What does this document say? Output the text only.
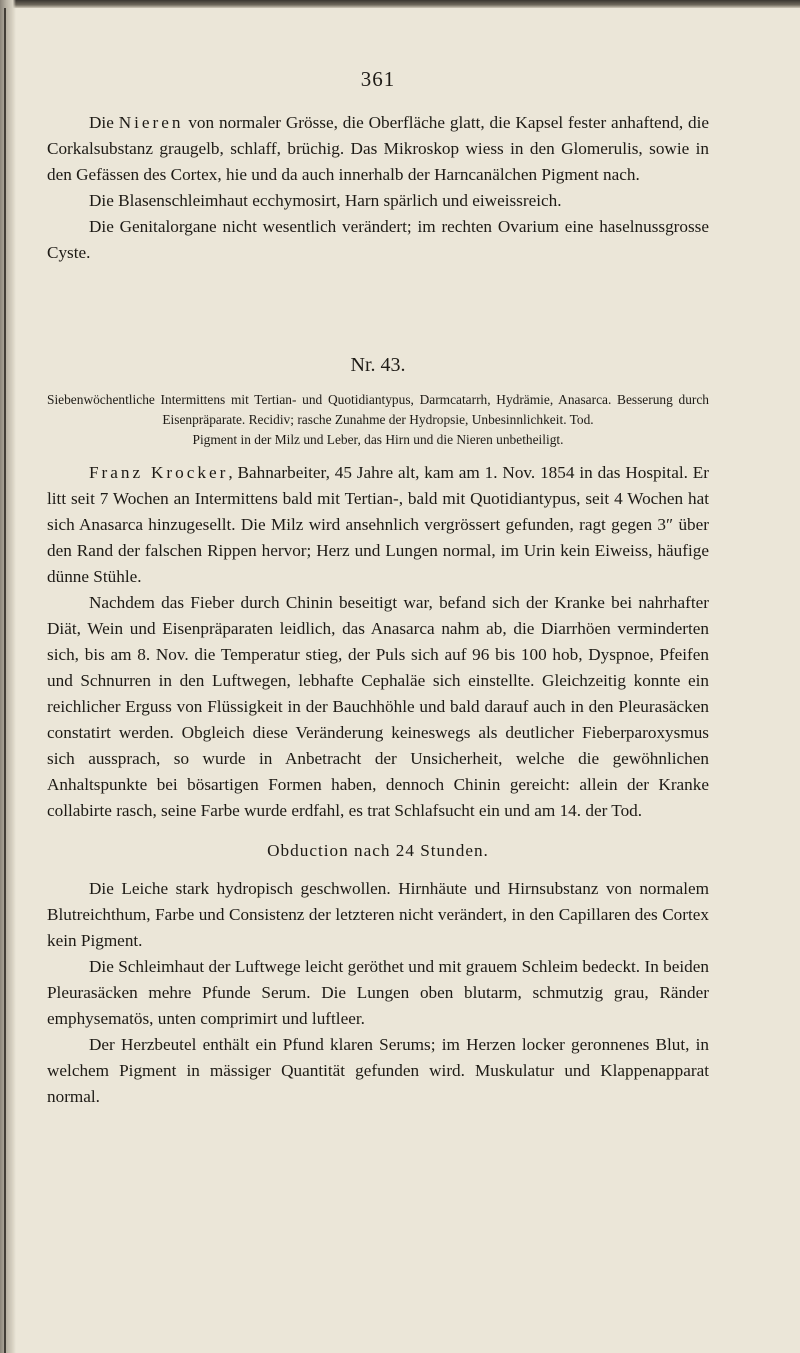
361

Die Nieren von normaler Grösse, die Oberfläche glatt, die Kapsel fester anhaftend, die Corkalsubstanz graugelb, schlaff, brüchig. Das Mikroskop wiess in den Glomerulis, sowie in den Gefässen des Cortex, hie und da auch innerhalb der Harncanälchen Pigment nach.

Die Blasenschleimhaut ecchymosirt, Harn spärlich und eiweissreich.

Die Genitalorgane nicht wesentlich verändert; im rechten Ovarium eine haselnussgrosse Cyste.

Nr. 43.
Siebenwöchentliche Intermittens mit Tertian- und Quotidiantypus, Darmcatarrh, Hydrämie, Anasarca. Besserung durch Eisenpräparate. Recidiv; rasche Zunahme der Hydropsie, Unbesinnlichkeit. Tod.
Pigment in der Milz und Leber, das Hirn und die Nieren unbetheiligt.

Franz Krocker, Bahnarbeiter, 45 Jahre alt, kam am 1. Nov. 1854 in das Hospital. Er litt seit 7 Wochen an Intermittens bald mit Tertian-, bald mit Quotidiantypus, seit 4 Wochen hat sich Anasarca hinzugesellt. Die Milz wird ansehnlich vergrössert gefunden, ragt gegen 3″ über den Rand der falschen Rippen hervor; Herz und Lungen normal, im Urin kein Eiweiss, häufige dünne Stühle.

Nachdem das Fieber durch Chinin beseitigt war, befand sich der Kranke bei nahrhafter Diät, Wein und Eisenpräparaten leidlich, das Anasarca nahm ab, die Diarrhöen verminderten sich, bis am 8. Nov. die Temperatur stieg, der Puls sich auf 96 bis 100 hob, Dyspnoe, Pfeifen und Schnurren in den Luftwegen, lebhafte Cephaläe sich einstellte. Gleichzeitig konnte ein reichlicher Erguss von Flüssigkeit in der Bauchhöhle und bald darauf auch in den Pleurasäcken constatirt werden. Obgleich diese Veränderung keineswegs als deutlicher Fieberparoxysmus sich aussprach, so wurde in Anbetracht der Unsicherheit, welche die gewöhnlichen Anhaltspunkte bei bösartigen Formen haben, dennoch Chinin gereicht: allein der Kranke collabirte rasch, seine Farbe wurde erdfahl, es trat Schlafsucht ein und am 14. der Tod.

Obduction nach 24 Stunden.

Die Leiche stark hydropisch geschwollen. Hirnhäute und Hirnsubstanz von normalem Blutreichthum, Farbe und Consistenz der letzteren nicht verändert, in den Capillaren des Cortex kein Pigment.

Die Schleimhaut der Luftwege leicht geröthet und mit grauem Schleim bedeckt. In beiden Pleurasäcken mehre Pfunde Serum. Die Lungen oben blutarm, schmutzig grau, Ränder emphysematös, unten comprimirt und luftleer.

Der Herzbeutel enthält ein Pfund klaren Serums; im Herzen locker geronnenes Blut, in welchem Pigment in mässiger Quantität gefunden wird. Muskulatur und Klappenapparat normal.
